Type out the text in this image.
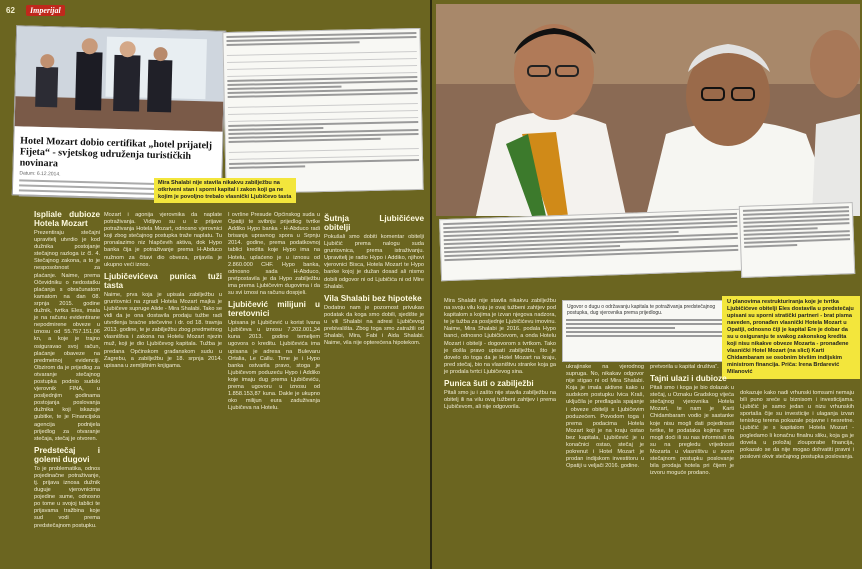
62	Imperijal
Hotel Mozart dobio certifikat „hotel prijatelj Fijeta“ - svjetskog udruženja turističkih novinara
Datum: 6.12.2014.
Mira Shalabi nije stavila nikakvu zabilježbu na otkriveni stan i sporni kapital i zakon koji ga ne kojim je povoljno trebalo vlasnički Ljubičevo tasta
Ispliale dubioze Hotela Mozart

Prezentiraju stečajni upravitelj utvrdio je kod dužnika postojanje stečajnog razloga iz čl. 4. Stečajnog zakona, a to je nesposobnost za plaćanje. Naime, prema Očevidniku o nedostatku plaćanja s obračunatom kamatom na dan 08. srpnja 2015. godine dužnik, tvrtka Eles, imala je na računu evidentirane nepodmirene obveze u iznosu od 55.757.151,06 kn, a koje je trajno osiguravao svoj račun, plaćanje obaveze na predmetnoj evidenciji. Obzirom da je prijedlog za otvaranje stečajnog postupka podnio sudski vjerovnik FINA, u posljednjim godinama postojanja poslovanja dužnika koji iskazuje gubitke, te je Financijska agencija podnijela prijedlog za otvaranje stečaja, stečaj je otvoren.

Predstečaj i golemi dugovi

To je problematika, odnos pojedinačne potraživanje, tj. prijava iznosa dužnik duguje vjerovnicima pojedine sume, odnosno po tome u svojoj tablici te prijavama tražbina koje sud vodi prema predstečajnom postupku.

Mozart i agonija vjerovnika da naplate potraživanja. Vidljivo su u iz prijave potraživanja Hotela Mozart, odnosno vjerovnici koji zbog stečajnog postupka traže naplatu. Tu pronalazimo niz hlapčevih aktiva, dok Hypo banka čija je potraživanje prema H-Abduco nužnom za čitavi dio obveza, prijavila je ukupno veći iznos.

Ljubičevićeva punica tuži tasta

Naime, prva koja je upisala zabilježbu u gruntovnici na zgradi Hotela Mozart majka je Ljubičeve supruge Alide - Mira Shalabi. Tako se vidi da je ona dostavila prodaju tužbe radi utvrđenja braćne stečevine i dr. od 18. travnja 2013. godine, te je zabilježbu zbog predmetnog vlasništva i zakona na Hotelu Mozart njezin muž, koji je dio Ljubičevog kapitala. Tužba je predana Općinskom građanskom sudu u Zagrebu, a zabilježbu je 18. srpnja 2014. upisana u zemljišnim knjigama.

I ovršne Presude Općinskog suda u Opatiji te svibnju prijedlog tvrtke Addiko Hypo banka - H-Abduco radi brisanja upravnog spora u Srpnju 2014. godine, prema podatkovnoj tablici kredita koje Hypo ima na Hotelu, uplaćeno je u iznosu od 2.860.000 CHF. Hypo banka, odnosno sada H-Abduco, pretpostavila je da Hypo zabilježbu ima prema Ljubičevim dugovima i da su svi iznosi na računu dospjeli.

Ljubičević milijuni u teretovnici

Upisana je Ljubičević u korist Ivana Ljubičeva u iznosu 7.202.001,34 kuna 2013. godine temeljem ugovora o kreditu. Ljubičevića ima upisana je adresa na Bulevaru Ortalia, Le Callu. Time je i Hypo banka ostvarila pravo, stoga je Ljubičevom poduzeću Hypo i Addiko koje imaju dug prema Ljubičeviću, prema ugovoru u iznosu od 1.858.153,87 kuna. Dakle je ukupno oko milijun eura zaduživanja Ljubičeva na Hotelu.

Šutnja Ljubičićeve obitelji

Pokušali smo dobiti komentar obitelji Ljubičić prema nalogu suda gruntovnica, prema istraživanju. Upravitelj je radio Hypo i Addiko, njihovi vjerovnici Bisca, Hotela Mozart te Hypo banke kojoj je dužan dosad ali nismo dobili odgovor ni od Ljubičića ni od Mire Shalabi.

Vila Shalabi bez hipoteke

Dodatno nam je pozornost privukao podatak da koga smo dobili, sjedište je u vili Shalabi na adresi Ljubičevog prebivališta. Zbog toga smo zatražili od Shalabi, Mira, Fabi i Aida Shalabi. Naime, vila nije opterećena hipotekom.

Ugovor o dugu o održavanju kapitala te potraživanja predstečajnog postupka, dug vjerovnika prema prijedlogu.
U planovima restrukturiranja koje je tvrtka Ljubičićeve obitelji Eles dostavila u predstečaju upisani su sporni stratički partneri - brat pisma naveden, pronađen vlasnički Hotela Mozart u Opatiji, odnosno čiji je kapital Ere je dobar da su u osiguranju te svakog zakonskog kredita koji nisu nikakve obveze Mozarta - pronađene vlasnički Hotel Mozart (na slici) Karti Chidambaram se osobnim bivšim indijskim ministrom financija. Priča: Irena Brdarević Milanović

Mira Shalabi nije stavila nikakvu zabilježbu na svoju vilu koju je ovaj tužbeni zahtjev pod kapitalom s kojima je izvan njegova nadzora, te je tužba za posljednje Ljubičićevu imovinu. Naime, Mira Shalabi je 2016. podala Hypo banci, odnosno Ljubičićevom, a onda Hotelu Mozart i obitelji - dogovorom s tvrtkom. Tako je došla pravo upisati zabilježbu, što je dovelo do toga da je Hotel Mozart na kraju, pred stečaj, bio na vlasništvu stranke koja ga je prodala tvrtci Ljubičevog sina.

Punica šuti o zabilježbi

Pitali smo ju i zašto nije stavila zabilježbu na obitelj ili na vilu ovaj tužbeni zahtjev i prema Ljubičevom, ali nije odgovorila.

ukrajinske na vjerodnog supruga. No, nikakav odgovor nije stigao ni od Mira Shalabi. Koja je imala aktivne kako u sudskom postupku Ivica Kraš, uključila je predlagala spajanje i obveze obitelji s Ljubičevim poduzećem. Povodom toga i prema podacima Hotela Mozart koji je na kraju ostao bez kapitala, Ljubičević je u konačnici ostao, stečaj je pokrenut i Hotel Mozart je prodan indijskom investitoru u Opatiji u veljači 2016. godine.

pretvorila u kapital društva“.

Tajni ulazi i dubioze

Pitali smo i koga je bio dolazak u stečaj, u Oznaku Gradskog vijeća stečajnog vjerovnika Hotela Mozart, te nam je Karti Chidambaram vodio je sastanke koje nisu mogli dati pojedinosti tvrtke, te podataka kojima smo mogli doći ili su nas informirali da su na pregledu vrijednosti Mozarta u vlasništvu u svom stečajnom postupku poslovanje bila prodaja hotela pri čijem je izvoru moguće prodano.

dokazuje kako nadi vrhunski tomsami nemaju bili puno sreće u biznisom i investicijama. Ljubičić je samo jedan u nizu vrhunskih sportaša čije su investicije i ulaganja izvan teniskog terena pokazale pojavne i nesretne. Ljubičić je s kapitalom Hotela Mozart - pogledamo li konačnu finalnu sliku, koja ga je dovela u položaj zlouporabe financija, pokazalo se da nije mogao dohvatiti pravni i poslovni okvir stečajnog postupka poslovanja.
